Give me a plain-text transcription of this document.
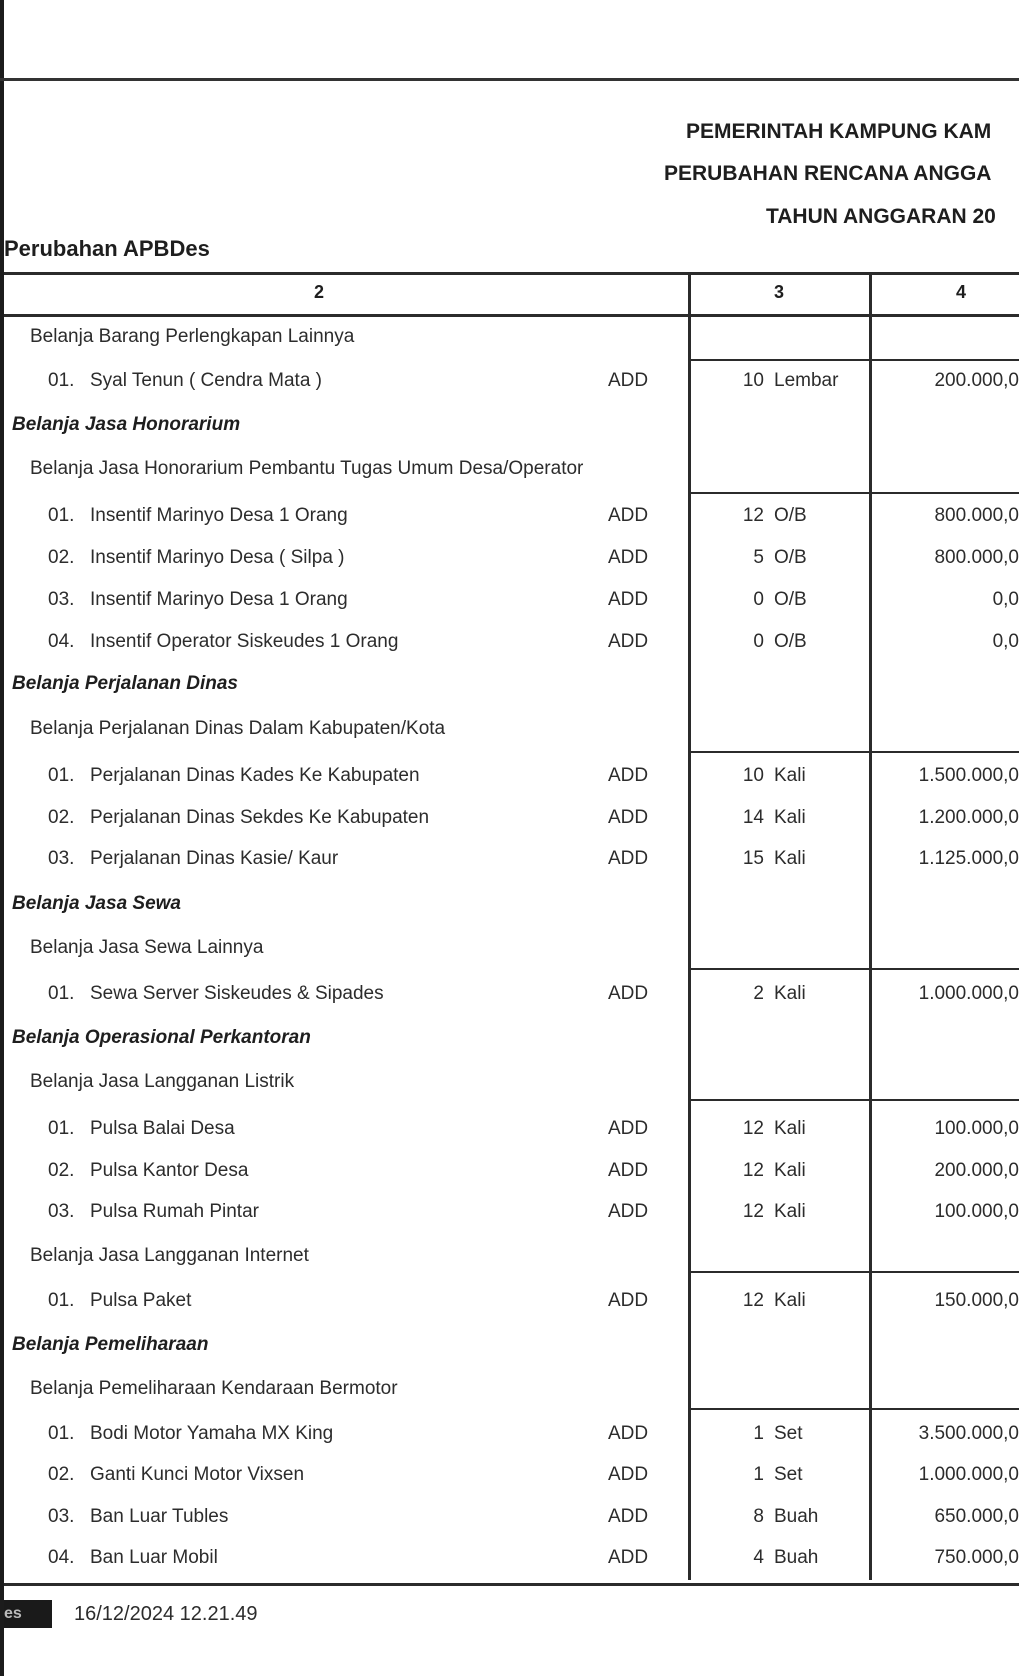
PEMERINTAH KAMPUNG KAM
PERUBAHAN RENCANA ANGGA
TAHUN ANGGARAN 20
Perubahan APBDes
2	3	4
Belanja Barang Perlengkapan Lainnya
01. Syal Tenun ( Cendra Mata )	ADD	10 Lembar	200.000,0
Belanja Jasa Honorarium
Belanja Jasa Honorarium Pembantu Tugas Umum Desa/Operator
01. Insentif Marinyo Desa 1 Orang	ADD	12 O/B	800.000,0
02. Insentif Marinyo Desa ( Silpa )	ADD	5 O/B	800.000,0
03. Insentif Marinyo Desa 1 Orang	ADD	0 O/B	0,0
04. Insentif Operator Siskeudes 1 Orang	ADD	0 O/B	0,0
Belanja Perjalanan Dinas
Belanja Perjalanan Dinas Dalam Kabupaten/Kota
01. Perjalanan Dinas Kades Ke Kabupaten	ADD	10 Kali	1.500.000,0
02. Perjalanan Dinas Sekdes Ke Kabupaten	ADD	14 Kali	1.200.000,0
03. Perjalanan Dinas Kasie/ Kaur	ADD	15 Kali	1.125.000,0
Belanja Jasa Sewa
Belanja Jasa Sewa Lainnya
01. Sewa Server Siskeudes & Sipades	ADD	2 Kali	1.000.000,0
Belanja Operasional Perkantoran
Belanja Jasa Langganan Listrik
01. Pulsa Balai Desa	ADD	12 Kali	100.000,0
02. Pulsa Kantor Desa	ADD	12 Kali	200.000,0
03. Pulsa Rumah Pintar	ADD	12 Kali	100.000,0
Belanja Jasa Langganan Internet
01. Pulsa Paket	ADD	12 Kali	150.000,0
Belanja Pemeliharaan
Belanja Pemeliharaan Kendaraan Bermotor
01. Bodi Motor Yamaha MX King	ADD	1 Set	3.500.000,0
02. Ganti Kunci Motor Vixsen	ADD	1 Set	1.000.000,0
03. Ban Luar Tubles	ADD	8 Buah	650.000,0
04. Ban Luar Mobil	ADD	4 Buah	750.000,0
es	16/12/2024 12.21.49
